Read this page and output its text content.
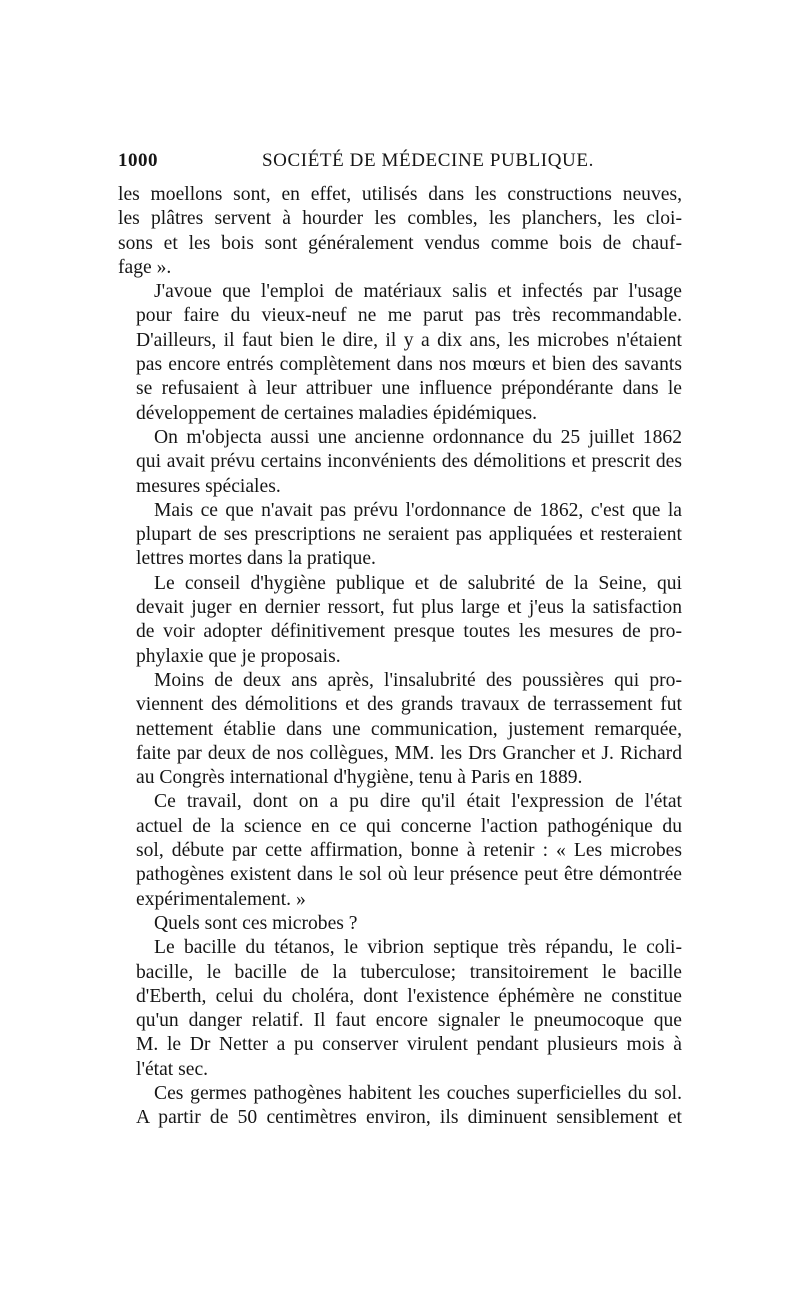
1000	SOCIÉTÉ DE MÉDECINE PUBLIQUE.
les moellons sont, en effet, utilisés dans les constructions neuves,
les plâtres servent à hourder les combles, les planchers, les cloi-
sons et les bois sont généralement vendus comme bois de chauf-
fage ».
J'avoue que l'emploi de matériaux salis et infectés par l'usage
pour faire du vieux-neuf ne me parut pas très recommandable.
D'ailleurs, il faut bien le dire, il y a dix ans, les microbes n'étaient
pas encore entrés complètement dans nos mœurs et bien des savants
se refusaient à leur attribuer une influence prépondérante dans le
développement de certaines maladies épidémiques.
On m'objecta aussi une ancienne ordonnance du 25 juillet 1862
qui avait prévu certains inconvénients des démolitions et prescrit des
mesures spéciales.
Mais ce que n'avait pas prévu l'ordonnance de 1862, c'est que la
plupart de ses prescriptions ne seraient pas appliquées et resteraient
lettres mortes dans la pratique.
Le conseil d'hygiène publique et de salubrité de la Seine, qui
devait juger en dernier ressort, fut plus large et j'eus la satisfaction
de voir adopter définitivement presque toutes les mesures de pro-
phylaxie que je proposais.
Moins de deux ans après, l'insalubrité des poussières qui pro-
viennent des démolitions et des grands travaux de terrassement fut
nettement établie dans une communication, justement remarquée,
faite par deux de nos collègues, MM. les Drs Grancher et J. Richard
au Congrès international d'hygiène, tenu à Paris en 1889.
Ce travail, dont on a pu dire qu'il était l'expression de l'état
actuel de la science en ce qui concerne l'action pathogénique du
sol, débute par cette affirmation, bonne à retenir : « Les microbes
pathogènes existent dans le sol où leur présence peut être démontrée
expérimentalement. »
Quels sont ces microbes ?
Le bacille du tétanos, le vibrion septique très répandu, le coli-
bacille, le bacille de la tuberculose; transitoirement le bacille
d'Eberth, celui du choléra, dont l'existence éphémère ne constitue
qu'un danger relatif. Il faut encore signaler le pneumocoque que
M. le Dr Netter a pu conserver virulent pendant plusieurs mois à
l'état sec.
Ces germes pathogènes habitent les couches superficielles du sol.
A partir de 50 centimètres environ, ils diminuent sensiblement et
